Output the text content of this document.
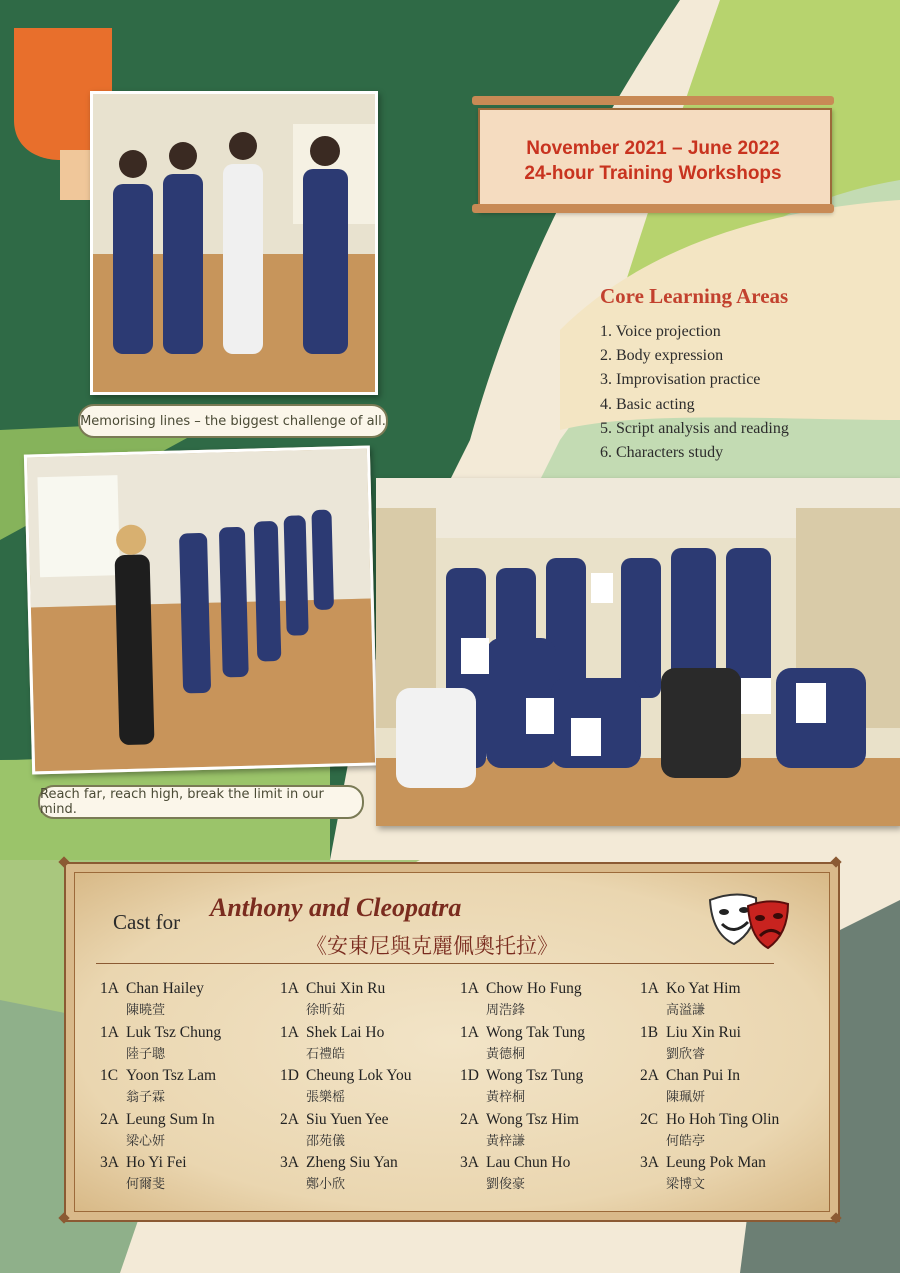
Memorising lines – the biggest challenge of all.
Reach far, reach high, break the limit in our mind.
November 2021 – June 2022
24-hour Training Workshops
Core Learning Areas
1. Voice projection
2. Body expression
3. Improvisation practice
4. Basic acting
5. Script analysis and reading
6. Characters study
Cast for Anthony and Cleopatra
《安東尼與克麗佩奧托拉》
1A Chan Hailey
陳曉萱
1A Luk Tsz Chung
陸子聰
1C Yoon Tsz Lam
翁子霖
2A Leung Sum In
梁心妍
3A Ho Yi Fei
何爾斐
1A Chui Xin Ru
徐昕茹
1A Shek Lai Ho
石禮皓
1D Cheung Lok You
張樂榣
2A Siu Yuen Yee
邵苑儀
3A Zheng Siu Yan
鄭小欣
1A Chow Ho Fung
周浩鋒
1A Wong Tak Tung
黃德桐
1D Wong Tsz Tung
黃梓桐
2A Wong Tsz Him
黃梓謙
3A Lau Chun Ho
劉俊豪
1A Ko Yat Him
高溢謙
1B Liu Xin Rui
劉欣睿
2A Chan Pui In
陳珮妍
2C Ho Hoh Ting Olin
何皓亭
3A Leung Pok Man
梁博文
